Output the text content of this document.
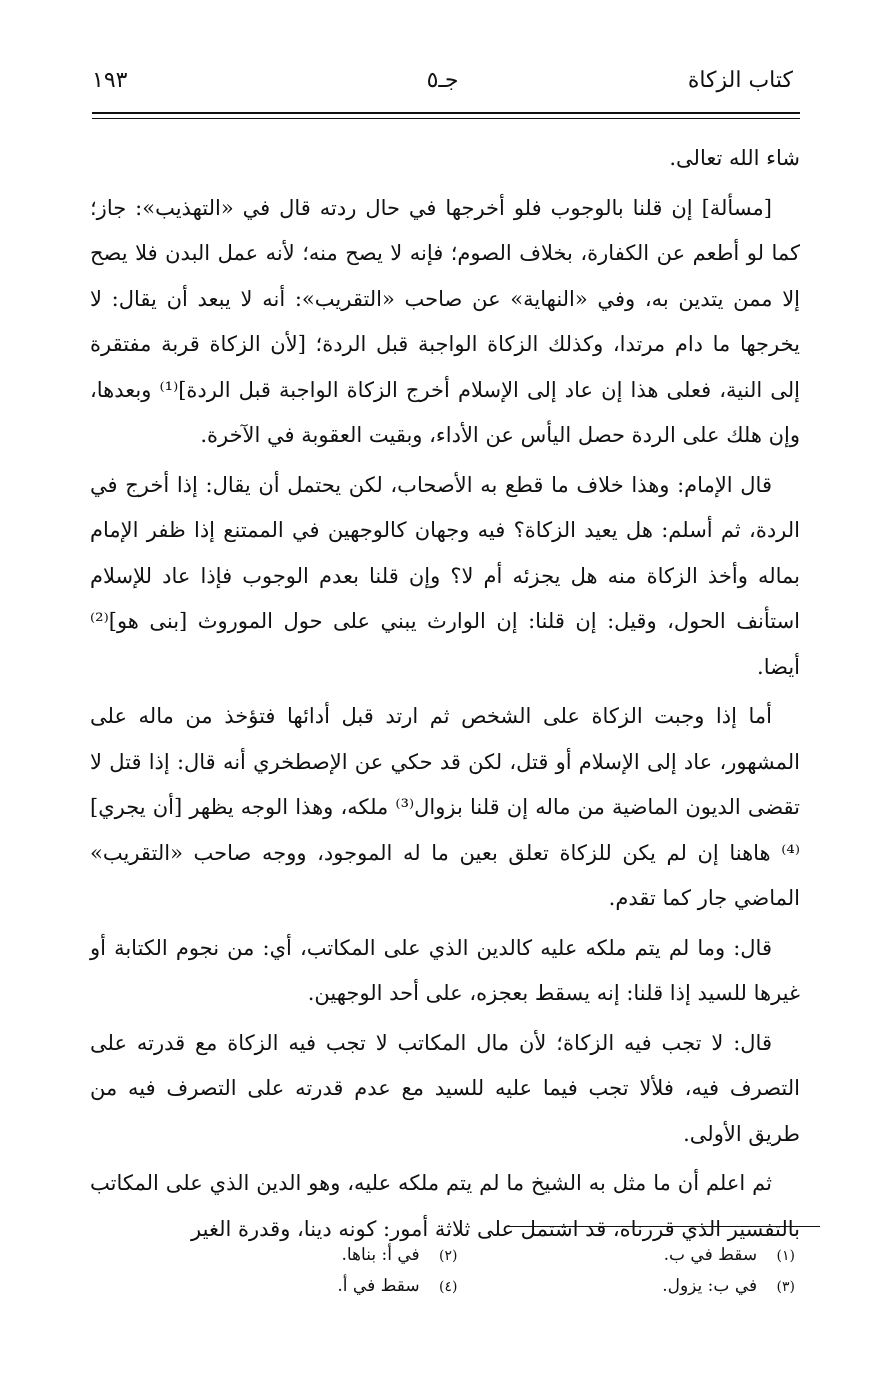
كتاب الزكاة
جـ٥
١٩٣

شاء الله تعالى.

[مسألة] إن قلنا بالوجوب فلو أخرجها في حال ردته قال في «التهذيب»: جاز؛ كما لو أطعم عن الكفارة، بخلاف الصوم؛ فإنه لا يصح منه؛ لأنه عمل البدن فلا يصح إلا ممن يتدين به، وفي «النهاية» عن صاحب «التقريب»: أنه لا يبعد أن يقال: لا يخرجها ما دام مرتدا، وكذلك الزكاة الواجبة قبل الردة؛ [لأن الزكاة قربة مفتقرة إلى النية، فعلى هذا إن عاد إلى الإسلام أخرج الزكاة الواجبة قبل الردة]⁽¹⁾ وبعدها، وإن هلك على الردة حصل اليأس عن الأداء، وبقيت العقوبة في الآخرة.

قال الإمام: وهذا خلاف ما قطع به الأصحاب، لكن يحتمل أن يقال: إذا أخرج في الردة، ثم أسلم: هل يعيد الزكاة؟ فيه وجهان كالوجهين في الممتنع إذا ظفر الإمام بماله وأخذ الزكاة منه هل يجزئه أم لا؟ وإن قلنا بعدم الوجوب فإذا عاد للإسلام استأنف الحول، وقيل: إن قلنا: إن الوارث يبني على حول الموروث [بنى هو]⁽²⁾ أيضا.

أما إذا وجبت الزكاة على الشخص ثم ارتد قبل أدائها فتؤخذ من ماله على المشهور، عاد إلى الإسلام أو قتل، لكن قد حكي عن الإصطخري أنه قال: إذا قتل لا تقضى الديون الماضية من ماله إن قلنا بزوال⁽³⁾ ملكه، وهذا الوجه يظهر [أن يجري]⁽⁴⁾ هاهنا إن لم يكن للزكاة تعلق بعين ما له الموجود، ووجه صاحب «التقريب» الماضي جار كما تقدم.

قال: وما لم يتم ملكه عليه كالدين الذي على المكاتب، أي: من نجوم الكتابة أو غيرها للسيد إذا قلنا: إنه يسقط بعجزه، على أحد الوجهين.

قال: لا تجب فيه الزكاة؛ لأن مال المكاتب لا تجب فيه الزكاة مع قدرته على التصرف فيه، فلألا تجب فيما عليه للسيد مع عدم قدرته على التصرف فيه من طريق الأولى.

ثم اعلم أن ما مثل به الشيخ ما لم يتم ملكه عليه، وهو الدين الذي على المكاتب بالتفسير الذي قررناه، قد اشتمل على ثلاثة أمور: كونه دينا، وقدرة الغير

(١) سقط في ب.
(٢) في أ: بناها.
(٣) في ب: يزول.
(٤) سقط في أ.
